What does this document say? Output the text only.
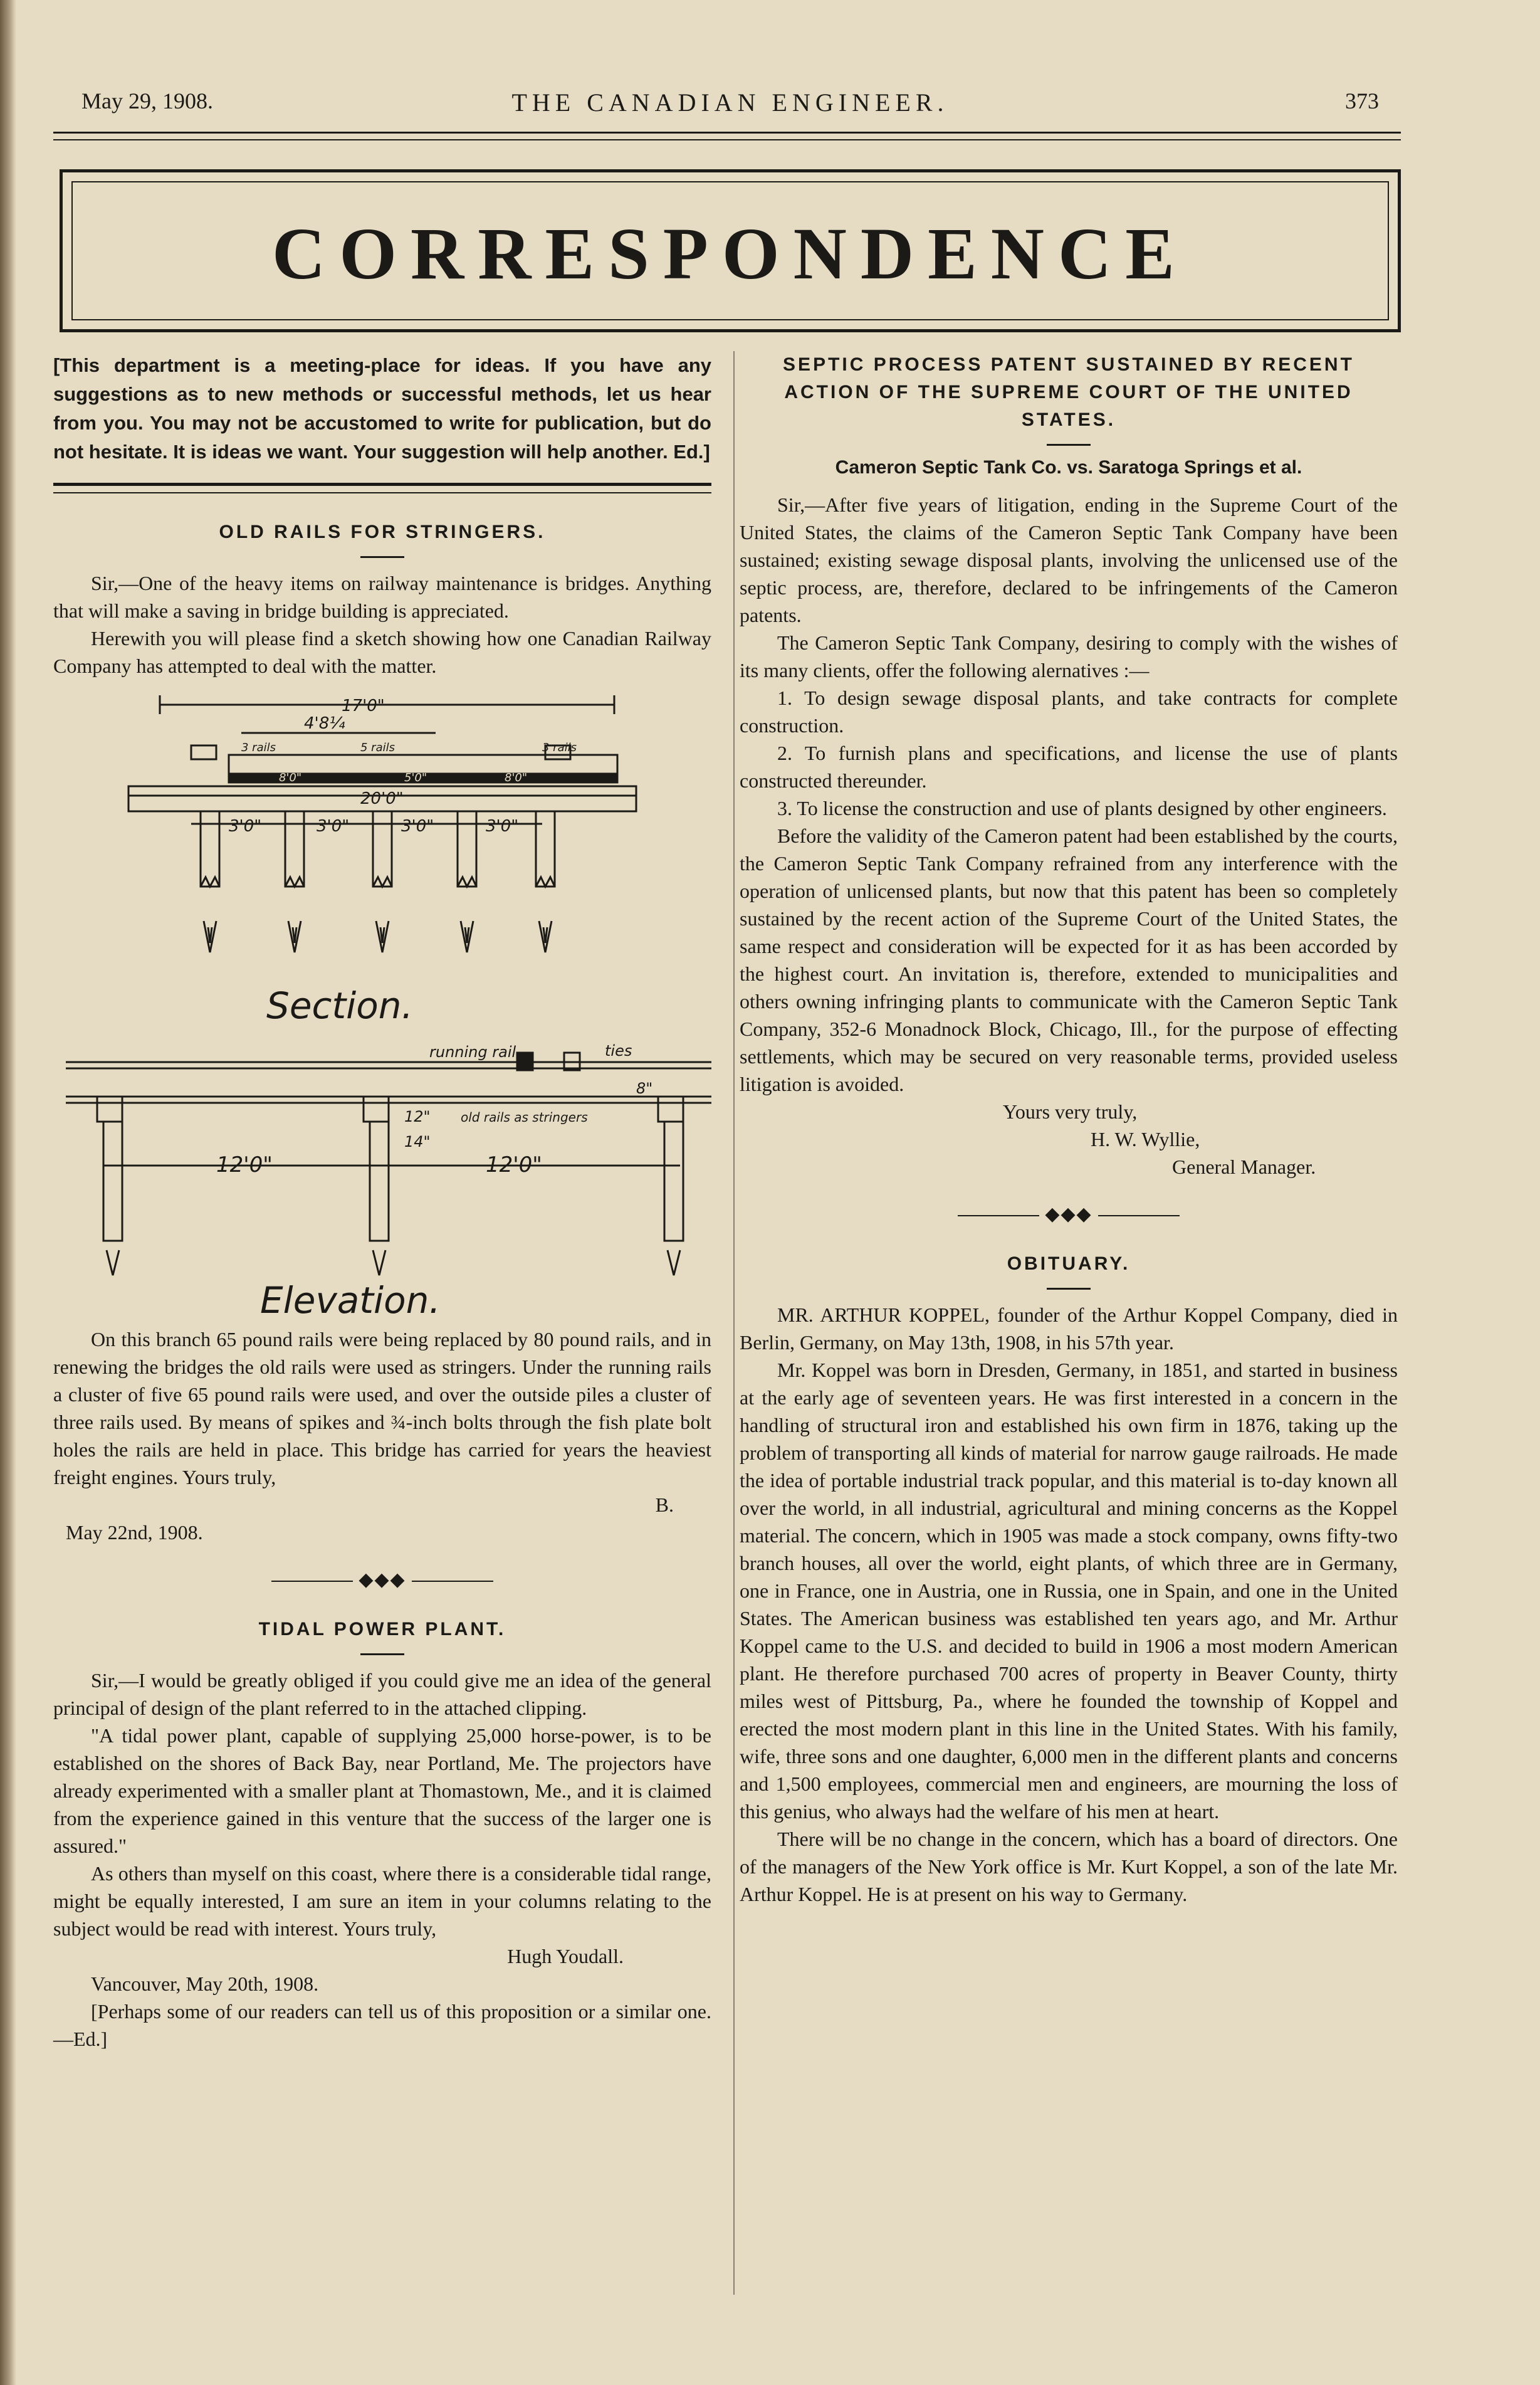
May 29, 1908.	THE CANADIAN ENGINEER.	373
CORRESPONDENCE
[This department is a meeting-place for ideas. If you have any suggestions as to new methods or successful methods, let us hear from you. You may not be accustomed to write for publication, but do not hesitate. It is ideas we want. Your suggestion will help another. Ed.]
OLD RAILS FOR STRINGERS.

Sir,—One of the heavy items on railway maintenance is bridges. Anything that will make a saving in bridge building is appreciated.

Herewith you will please find a sketch showing how one Canadian Railway Company has attempted to deal with the matter.

17'0"
4'8¼
3 rails	5 rails	3 rails
8'0"	5'0"	8'0"
20'0"
3'0"	3'0"	3'0"	3'0"
Section.
running rail	ties
8"
12" old rails as stringers
14"
12'0"	12'0"
Elevation.

On this branch 65 pound rails were being replaced by 80 pound rails, and in renewing the bridges the old rails were used as stringers. Under the running rails a cluster of five 65 pound rails were used, and over the outside piles a cluster of three rails used. By means of spikes and ¾-inch bolts through the fish plate bolt holes the rails are held in place. This bridge has carried for years the heaviest freight engines. Yours truly,

B.
May 22nd, 1908.
◆◆◆
TIDAL POWER PLANT.

Sir,—I would be greatly obliged if you could give me an idea of the general principal of design of the plant referred to in the attached clipping.

"A tidal power plant, capable of supplying 25,000 horse-power, is to be established on the shores of Back Bay, near Portland, Me. The projectors have already experimented with a smaller plant at Thomastown, Me., and it is claimed from the experience gained in this venture that the success of the larger one is assured."

As others than myself on this coast, where there is a considerable tidal range, might be equally interested, I am sure an item in your columns relating to the subject would be read with interest. Yours truly,

Hugh Youdall.
Vancouver, May 20th, 1908.

[Perhaps some of our readers can tell us of this proposition or a similar one.—Ed.]

SEPTIC PROCESS PATENT SUSTAINED BY RECENT ACTION OF THE SUPREME COURT OF THE UNITED STATES.
Cameron Septic Tank Co. vs. Saratoga Springs et al.

Sir,—After five years of litigation, ending in the Supreme Court of the United States, the claims of the Cameron Septic Tank Company have been sustained; existing sewage disposal plants, involving the unlicensed use of the septic process, are, therefore, declared to be infringements of the Cameron patents.

The Cameron Septic Tank Company, desiring to comply with the wishes of its many clients, offer the following alernatives :—

1. To design sewage disposal plants, and take contracts for complete construction.

2. To furnish plans and specifications, and license the use of plants constructed thereunder.

3. To license the construction and use of plants designed by other engineers.

Before the validity of the Cameron patent had been established by the courts, the Cameron Septic Tank Company refrained from any interference with the operation of unlicensed plants, but now that this patent has been so completely sustained by the recent action of the Supreme Court of the United States, the same respect and consideration will be expected for it as has been accorded by the highest court. An invitation is, therefore, extended to municipalities and others owning infringing plants to communicate with the Cameron Septic Tank Company, 352-6 Monadnock Block, Chicago, Ill., for the purpose of effecting settlements, which may be secured on very reasonable terms, provided useless litigation is avoided.

Yours very truly,
H. W. Wyllie,
General Manager.
◆◆◆
OBITUARY.

MR. ARTHUR KOPPEL, founder of the Arthur Koppel Company, died in Berlin, Germany, on May 13th, 1908, in his 57th year.

Mr. Koppel was born in Dresden, Germany, in 1851, and started in business at the early age of seventeen years. He was first interested in a concern in the handling of structural iron and established his own firm in 1876, taking up the problem of transporting all kinds of material for narrow gauge railroads. He made the idea of portable industrial track popular, and this material is to-day known all over the world, in all industrial, agricultural and mining concerns as the Koppel material. The concern, which in 1905 was made a stock company, owns fifty-two branch houses, all over the world, eight plants, of which three are in Germany, one in France, one in Austria, one in Russia, one in Spain, and one in the United States. The American business was established ten years ago, and Mr. Arthur Koppel came to the U.S. and decided to build in 1906 a most modern American plant. He therefore purchased 700 acres of property in Beaver County, thirty miles west of Pittsburg, Pa., where he founded the township of Koppel and erected the most modern plant in this line in the United States. With his family, wife, three sons and one daughter, 6,000 men in the different plants and concerns and 1,500 employees, commercial men and engineers, are mourning the loss of this genius, who always had the welfare of his men at heart.

There will be no change in the concern, which has a board of directors. One of the managers of the New York office is Mr. Kurt Koppel, a son of the late Mr. Arthur Koppel. He is at present on his way to Germany.
